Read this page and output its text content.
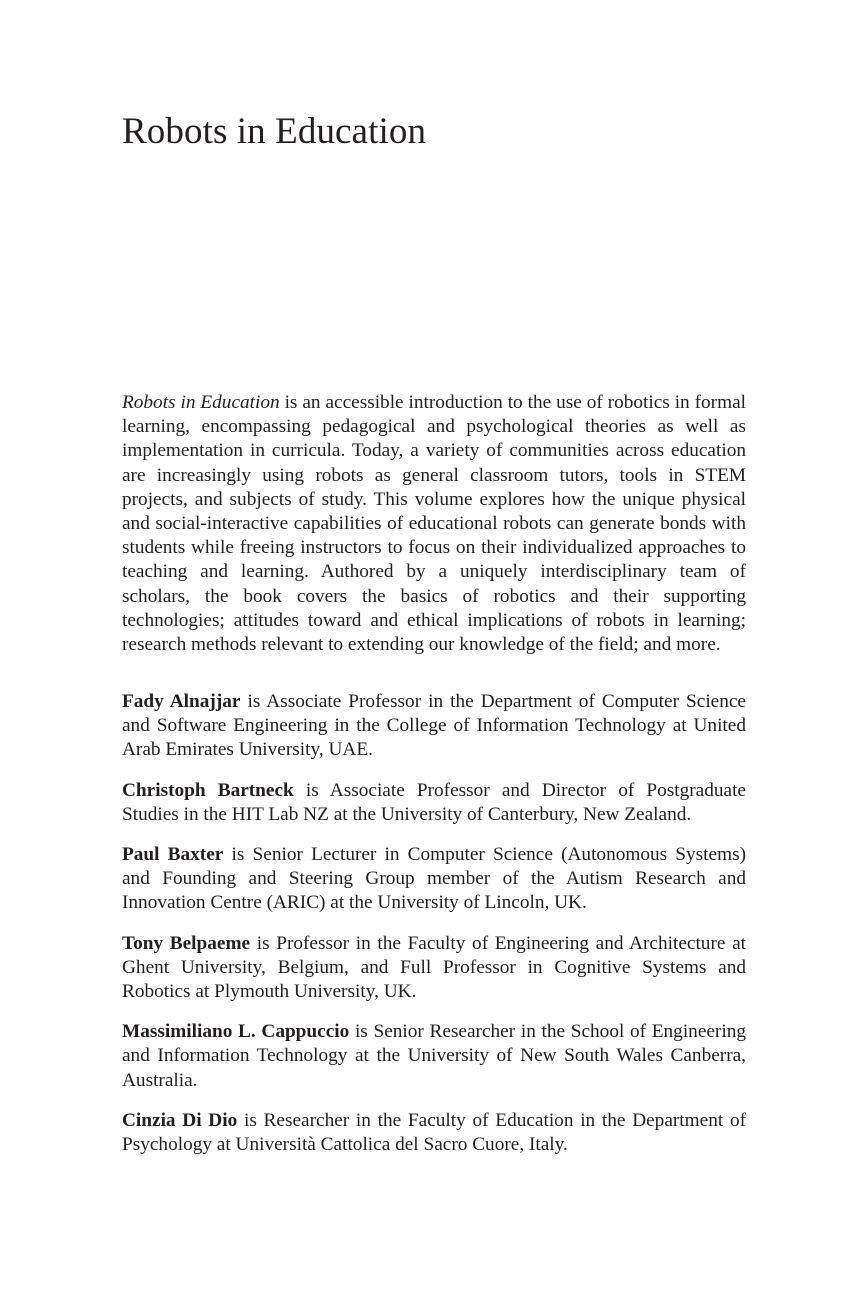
Robots in Education

Robots in Education is an accessible introduction to the use of robotics in formal learning, encompassing pedagogical and psychological theories as well as implementation in curricula. Today, a variety of communities across education are increasingly using robots as general classroom tutors, tools in STEM projects, and subjects of study. This volume explores how the unique physical and social-interactive capabilities of educational robots can generate bonds with students while freeing instructors to focus on their individualized approaches to teaching and learning. Authored by a uniquely interdisciplinary team of scholars, the book covers the basics of robotics and their supporting technologies; attitudes toward and ethical implications of robots in learning; research methods relevant to extending our knowledge of the field; and more.

Fady Alnajjar is Associate Professor in the Department of Computer Science and Software Engineering in the College of Information Technology at United Arab Emirates University, UAE.

Christoph Bartneck is Associate Professor and Director of Postgraduate Studies in the HIT Lab NZ at the University of Canterbury, New Zealand.

Paul Baxter is Senior Lecturer in Computer Science (Autonomous Systems) and Founding and Steering Group member of the Autism Research and Innovation Centre (ARIC) at the University of Lincoln, UK.

Tony Belpaeme is Professor in the Faculty of Engineering and Architecture at Ghent University, Belgium, and Full Professor in Cognitive Systems and Robotics at Plymouth University, UK.

Massimiliano L. Cappuccio is Senior Researcher in the School of Engineering and Information Technology at the University of New South Wales Canberra, Australia.

Cinzia Di Dio is Researcher in the Faculty of Education in the Department of Psychology at Università Cattolica del Sacro Cuore, Italy.
